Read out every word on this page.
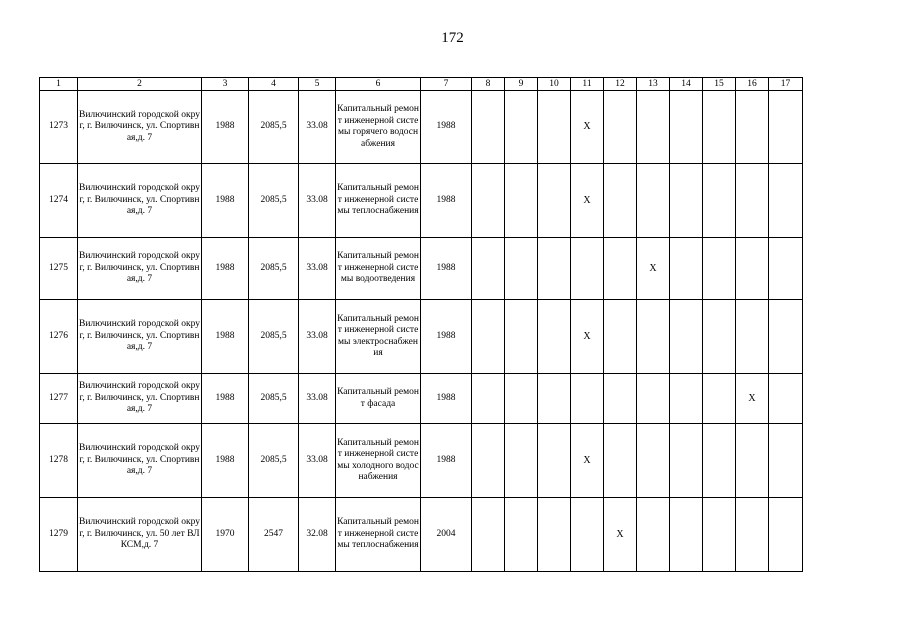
172
1	2	3	4	5	6	7	8	9	10	11	12	13	14	15	16	17
1273	Вилючинский городской округ, г. Вилючинск, ул. Спортивная,д. 7	1988	2085,5	33.08	Капитальный ремонт инженерной системы горячего водоснабжения	1988				X						
1274	Вилючинский городской округ, г. Вилючинск, ул. Спортивная,д. 7	1988	2085,5	33.08	Капитальный ремонт инженерной системы теплоснабжения	1988				X						
1275	Вилючинский городской округ, г. Вилючинск, ул. Спортивная,д. 7	1988	2085,5	33.08	Капитальный ремонт инженерной системы водоотведения	1988						X				
1276	Вилючинский городской округ, г. Вилючинск, ул. Спортивная,д. 7	1988	2085,5	33.08	Капитальный ремонт инженерной системы электроснабжения	1988				X						
1277	Вилючинский городской округ, г. Вилючинск, ул. Спортивная,д. 7	1988	2085,5	33.08	Капитальный ремонт фасада	1988									X	
1278	Вилючинский городской округ, г. Вилючинск, ул. Спортивная,д. 7	1988	2085,5	33.08	Капитальный ремонт инженерной системы холодного водоснабжения	1988				X						
1279	Вилючинский городской округ, г. Вилючинск, ул. 50 лет ВЛКСМ,д. 7	1970	2547	32.08	Капитальный ремонт инженерной системы теплоснабжения	2004					X					
